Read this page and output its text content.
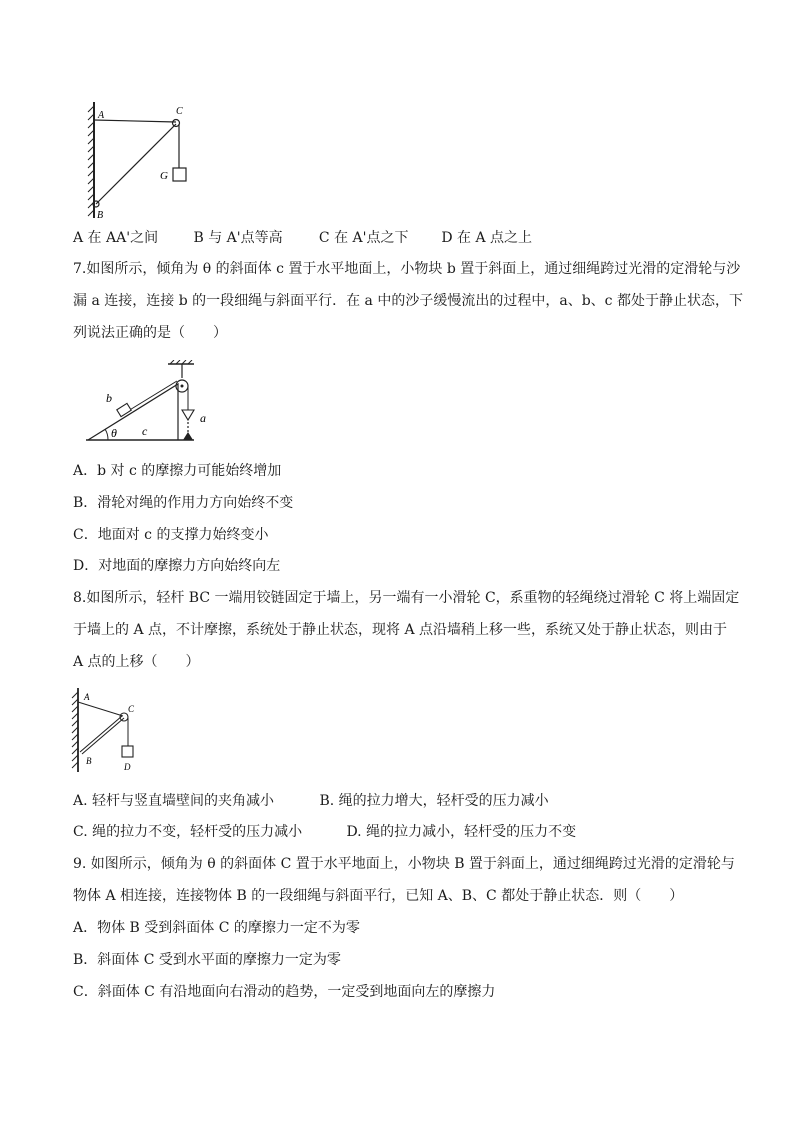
A	C
G
B
A 在 AA'之间	B 与 A'点等高	C 在 A'点之下 D 在 A 点之上
7.如图所示，倾角为 θ 的斜面体 c 置于水平地面上，小物块 b 置于斜面上，通过细绳跨过光滑的定滑轮与沙
漏 a 连接，连接 b 的一段细绳与斜面平行．在 a 中的沙子缓慢流出的过程中，a、b、c 都处于静止状态，下
列说法正确的是（　　）
b
θ c
a
A．b 对 c 的摩擦力可能始终增加
B．滑轮对绳的作用力方向始终不变
C．地面对 c 的支撑力始终变小
D．对地面的摩擦力方向始终向左
8.如图所示，轻杆 BC 一端用铰链固定于墙上，另一端有一小滑轮 C，系重物的轻绳绕过滑轮 C 将上端固定
于墙上的 A 点，不计摩擦，系统处于静止状态，现将 A 点沿墙稍上移一些，系统又处于静止状态，则由于
A 点的上移（　　）
A
C
B
D
A. 轻杆与竖直墙壁间的夹角减小	B. 绳的拉力增大，轻杆受的压力减小
C. 绳的拉力不变，轻杆受的压力减小	D. 绳的拉力减小，轻杆受的压力不变
9. 如图所示，倾角为 θ 的斜面体 C 置于水平地面上，小物块 B 置于斜面上，通过细绳跨过光滑的定滑轮与
物体 A 相连接，连接物体 B 的一段细绳与斜面平行，已知 A、B、C 都处于静止状态．则（　　）
A．物体 B 受到斜面体 C 的摩擦力一定不为零
B．斜面体 C 受到水平面的摩擦力一定为零
C．斜面体 C 有沿地面向右滑动的趋势，一定受到地面向左的摩擦力
